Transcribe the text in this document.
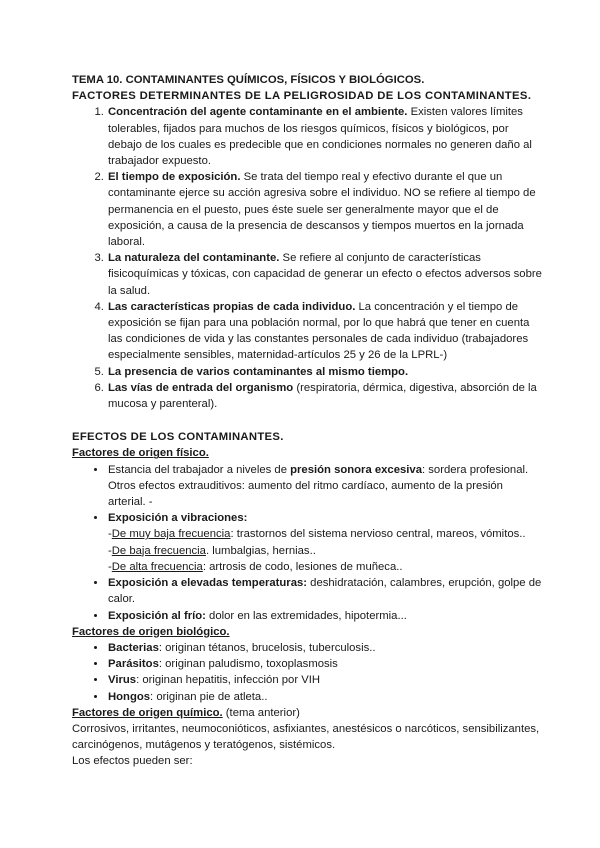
TEMA 10. CONTAMINANTES QUÍMICOS, FÍSICOS Y BIOLÓGICOS.

FACTORES DETERMINANTES DE LA PELIGROSIDAD DE LOS CONTAMINANTES.

1. Concentración del agente contaminante en el ambiente. Existen valores límites tolerables, fijados para muchos de los riesgos químicos, físicos y biológicos, por debajo de los cuales es predecible que en condiciones normales no generen daño al trabajador expuesto.
2. El tiempo de exposición. Se trata del tiempo real y efectivo durante el que un contaminante ejerce su acción agresiva sobre el individuo. NO se refiere al tiempo de permanencia en el puesto, pues éste suele ser generalmente mayor que el de exposición, a causa de la presencia de descansos y tiempos muertos en la jornada laboral.
3. La naturaleza del contaminante. Se refiere al conjunto de características fisicoquímicas y tóxicas, con capacidad de generar un efecto o efectos adversos sobre la salud.
4. Las características propias de cada individuo. La concentración y el tiempo de exposición se fijan para una población normal, por lo que habrá que tener en cuenta las condiciones de vida y las constantes personales de cada individuo (trabajadores especialmente sensibles, maternidad-artículos 25 y 26 de la LPRL-)
5. La presencia de varios contaminantes al mismo tiempo.
6. Las vías de entrada del organismo (respiratoria, dérmica, digestiva, absorción de la mucosa y parenteral).

EFECTOS DE LOS CONTAMINANTES.

Factores de origen físico.

• Estancia del trabajador a niveles de presión sonora excesiva: sordera profesional.
Otros efectos extrauditivos: aumento del ritmo cardíaco, aumento de la presión arterial. -
• Exposición a vibraciones:
-De muy baja frecuencia: trastornos del sistema nervioso central, mareos, vómitos..
-De baja frecuencia. lumbalgias, hernias..
-De alta frecuencia: artrosis de codo, lesiones de muñeca..
• Exposición a elevadas temperaturas: deshidratación, calambres, erupción, golpe de calor.
• Exposición al frío: dolor en las extremidades, hipotermia...

Factores de origen biológico.

• Bacterias: originan tétanos, brucelosis, tuberculosis..
• Parásitos: originan paludismo, toxoplasmosis
• Virus: originan hepatitis, infección por VIH
• Hongos: originan pie de atleta..

Factores de origen químico. (tema anterior)

Corrosivos, irritantes, neumoconióticos, asfixiantes, anestésicos o narcóticos, sensibilizantes, carcinógenos, mutágenos y teratógenos, sistémicos.

Los efectos pueden ser:
